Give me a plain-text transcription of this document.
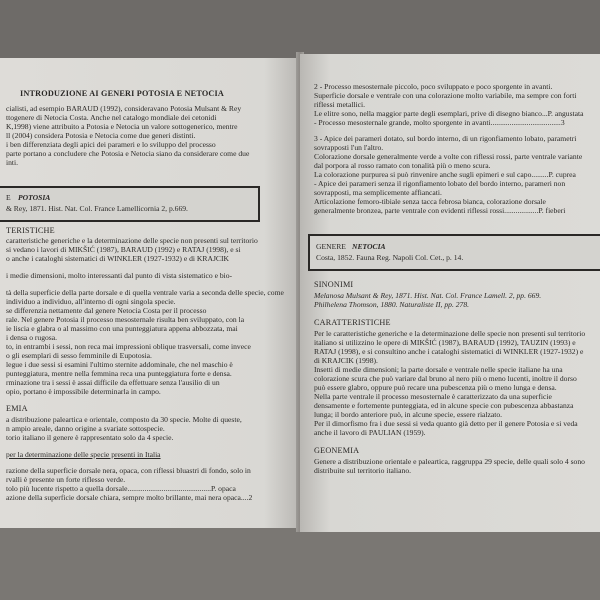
INTRODUZIONE AI GENERI POTOSIA E NETOCIA
cialisti, ad esempio BARAUD (1992), consideravano Potosia Mulsant & Rey
ttogenere di Netocia Costa. Anche nel catalogo mondiale dei cetonidi
K,1998) viene attribuito a Potosia e Netocia un valore sottogenerico, mentre
ll (2004) considera Potosia e Netocia come due generi distinti.
i ben differenziata degli apici dei parameri e lo sviluppo del processo
parte portano a concludere che Potosia e Netocia siano da considerare come due
inti.
E POTOSIA
& Rey, 1871. Hist. Nat. Col. France Lamellicornia 2, p.669.
TERISTICHE
caratteristiche generiche e la determinazione delle specie non presenti sul territorio
si vedano i lavori di MIKŠIĆ (1987), BARAUD (1992) e RATAJ (1998), e si
o anche i cataloghi sistematici di WINKLER (1927-1932) e di KRAJCIK
i medie dimensioni, molto interessanti dal punto di vista sistematico e bio-
tà della superficie della parte dorsale e di quella ventrale varia a seconda delle specie, come
individuo a individuo, all'interno di ogni singola specie.
se differenzia nettamente dal genere Netocia Costa per il processo
rale. Nel genere Potosia il processo mesosternale risulta ben sviluppato, con la
ie liscia e glabra o al massimo con una punteggiatura appena abbozzata, mai
i densa o rugosa.
to, in entrambi i sessi, non reca mai impressioni oblique trasversali, come invece
o gli esemplari di sesso femminile di Eupotosia.
legue i due sessi si esamini l'ultimo sternite addominale, che nel maschio è
punteggiatura, mentre nella femmina reca una punteggiatura forte e densa.
rminazione tra i sessi è assai difficile da effettuare senza l'ausilio di un
opio, portano è impossibile determinarla in campo.
EMIA
a distribuzione paleartica e orientale, composto da 30 specie. Molte di queste,
n ampio areale, danno origine a svariate sottospecie.
torio italiano il genere è rappresentato solo da 4 specie.
per la determinazione delle specie presenti in Italia
razione della superficie dorsale nera, opaca, con riflessi bluastri di fondo, solo in
rvalli è presente un forte riflesso verde.
tolo più lucente rispetto a quella dorsale............................................P. opaca
azione della superficie dorsale chiara, sempre molto brillante, mai nera opaca....2
2 - Processo mesosternale piccolo, poco sviluppato e poco sporgente in avanti.
Superficie dorsale e ventrale con una colorazione molto variabile, ma sempre con forti
riflessi metallici.
Le elitre sono, nella maggior parte degli esemplari, prive di disegno bianco...P. angustata
- Processo mesosternale grande, molto sporgente in avanti.....................................3
3 - Apice dei parameri dotato, sul bordo interno, di un rigonfiamento lobato, parametri
sovrapposti l'un l'altro.
Colorazione dorsale generalmente verde a volte con riflessi rossi, parte ventrale variante
dal porpora al rosso ramato con tonalità più o meno scura.
La colorazione purpurea si può rinvenire anche sugli epimeri e sul capo.........P. cuprea
- Apice dei parameri senza il rigonfiamento lobato del bordo interno, parameri non
sovrapposti, ma semplicemente affiancati.
Articolazione femoro-tibiale senza tacca febrosa bianca, colorazione dorsale
generalmente bronzea, parte ventrale con evidenti riflessi rossi..................P. fieberi
GENERE NETOCIA
Costa, 1852. Fauna Reg. Napoli Col. Cet., p. 14.
SINONIMI
Melanosa Mulsant & Rey, 1871. Hist. Nat. Col. France Lamell. 2, pp. 669.
Philhelena Thomson, 1880. Naturaliste II, pp. 278.
CARATTERISTICHE
Per le caratteristiche generiche e la determinazione delle specie non presenti sul territorio
italiano si utilizzino le opere di MIKŠIĆ (1987), BARAUD (1992), TAUZIN (1993) e
RATAJ (1998), e si consultino anche i cataloghi sistematici di WINKLER (1927-1932) e
di KRAJCIK (1998).
Insetti di medie dimensioni; la parte dorsale e ventrale nelle specie italiane ha una
colorazione scura che può variare dal bruno al nero più o meno lucenti, inoltre il dorso
può essere glabro, oppure può recare una pubescenza più o meno lunga e densa.
Nella parte ventrale il processo mesosternale è caratterizzato da una superficie
densamente e fortemente punteggiata, ed in alcune specie con pubescenza abbastanza
lunga; il bordo anteriore può, in alcune specie, essere rialzato.
Per il dimorfismo fra i due sessi si veda quanto già detto per il genere Potosia e si veda
anche il lavoro di PAULIAN (1959).
GEONEMIA
Genere a distribuzione orientale e paleartica, raggruppa 29 specie, delle quali solo 4 sono
distribuite sul territorio italiano.
